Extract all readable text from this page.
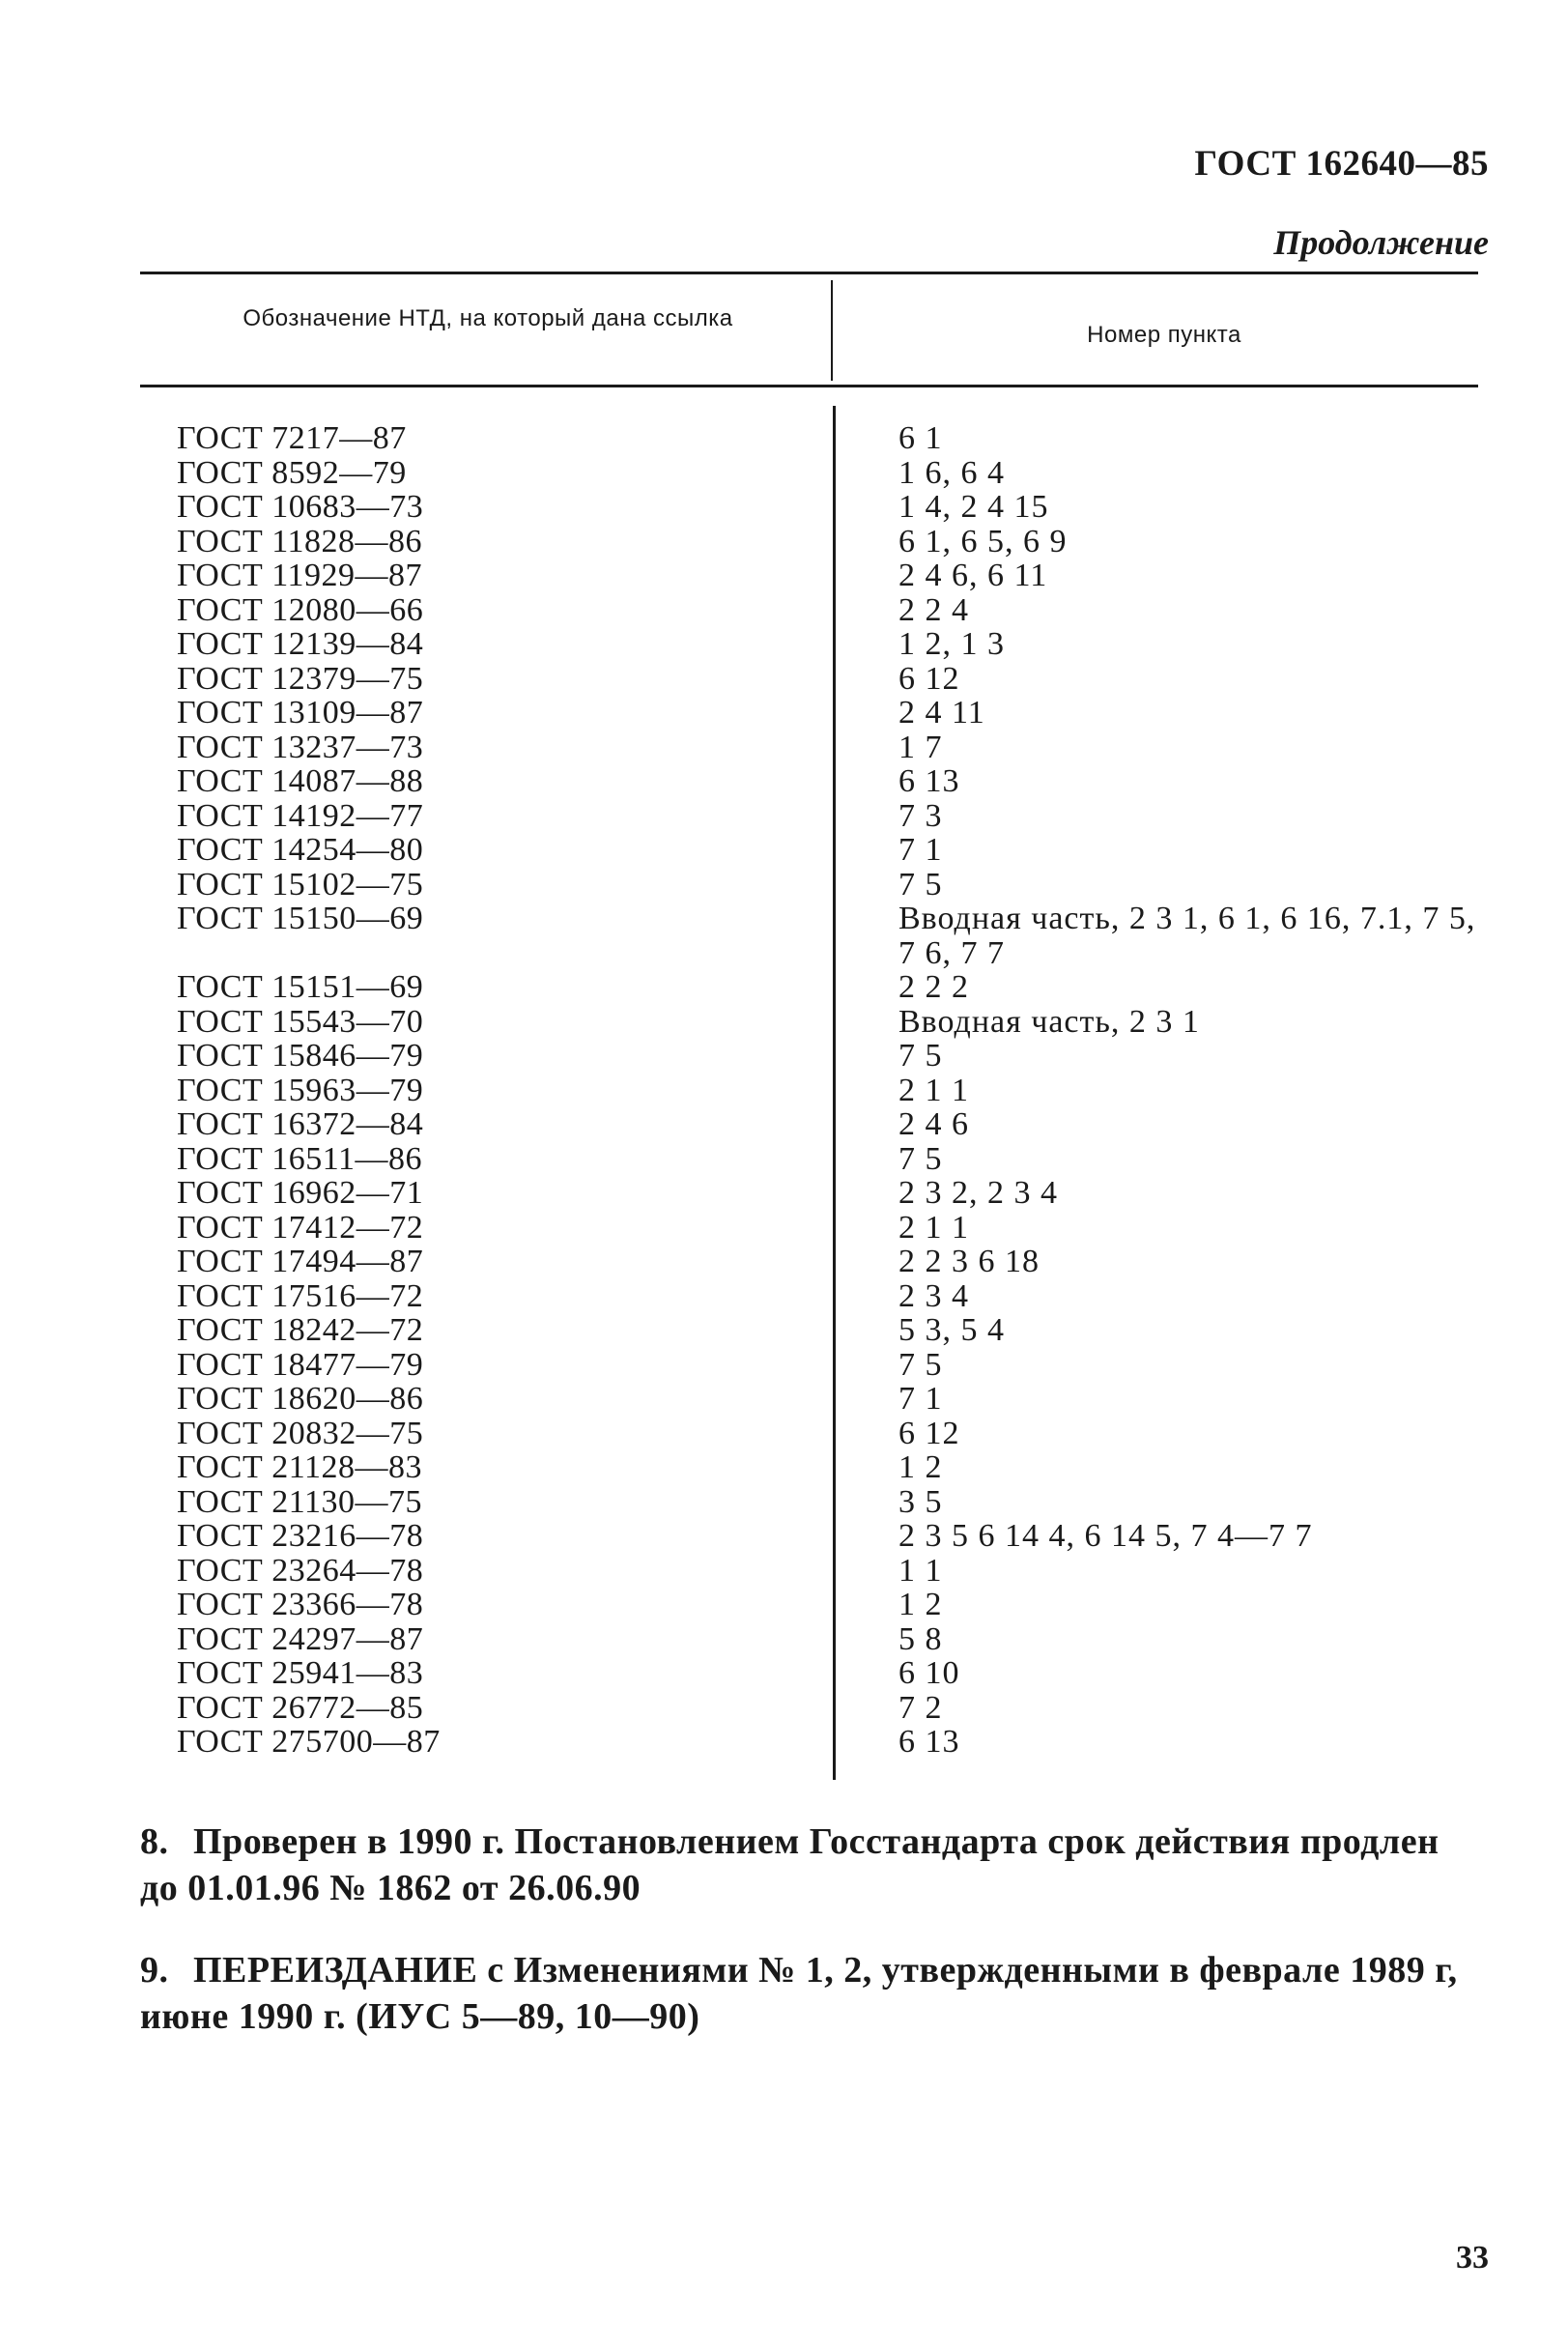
ГОСТ 162640—85
Продолжение
Обозначение НТД, на который дана ссылка
Номер пункта
ГОСТ 7217—87	6 1
ГОСТ 8592—79	1 6, 6 4
ГОСТ 10683—73	1 4, 2 4 15
ГОСТ 11828—86	6 1, 6 5, 6 9
ГОСТ 11929—87	2 4 6, 6 11
ГОСТ 12080—66	2 2 4
ГОСТ 12139—84	1 2, 1 3
ГОСТ 12379—75	6 12
ГОСТ 13109—87	2 4 11
ГОСТ 13237—73	1 7
ГОСТ 14087—88	6 13
ГОСТ 14192—77	7 3
ГОСТ 14254—80	7 1
ГОСТ 15102—75	7 5
ГОСТ 15150—69	Вводная часть, 2 3 1, 6 1, 6 16, 7.1, 7 5, 7 6, 7 7
ГОСТ 15151—69	2 2 2
ГОСТ 15543—70	Вводная часть, 2 3 1
ГОСТ 15846—79	7 5
ГОСТ 15963—79	2 1 1
ГОСТ 16372—84	2 4 6
ГОСТ 16511—86	7 5
ГОСТ 16962—71	2 3 2, 2 3 4
ГОСТ 17412—72	2 1 1
ГОСТ 17494—87	2 2 3 6 18
ГОСТ 17516—72	2 3 4
ГОСТ 18242—72	5 3, 5 4
ГОСТ 18477—79	7 5
ГОСТ 18620—86	7 1
ГОСТ 20832—75	6 12
ГОСТ 21128—83	1 2
ГОСТ 21130—75	3 5
ГОСТ 23216—78	2 3 5 6 14 4, 6 14 5, 7 4—7 7
ГОСТ 23264—78	1 1
ГОСТ 23366—78	1 2
ГОСТ 24297—87	5 8
ГОСТ 25941—83	6 10
ГОСТ 26772—85	7 2
ГОСТ 275700—87	6 13
8. Проверен в 1990 г. Постановлением Госстандарта срок действия продлен до 01.01.96 № 1862 от 26.06.90
9. ПЕРЕИЗДАНИЕ с Изменениями № 1, 2, утвержденными в феврале 1989 г, июне 1990 г. (ИУС 5—89, 10—90)
33
